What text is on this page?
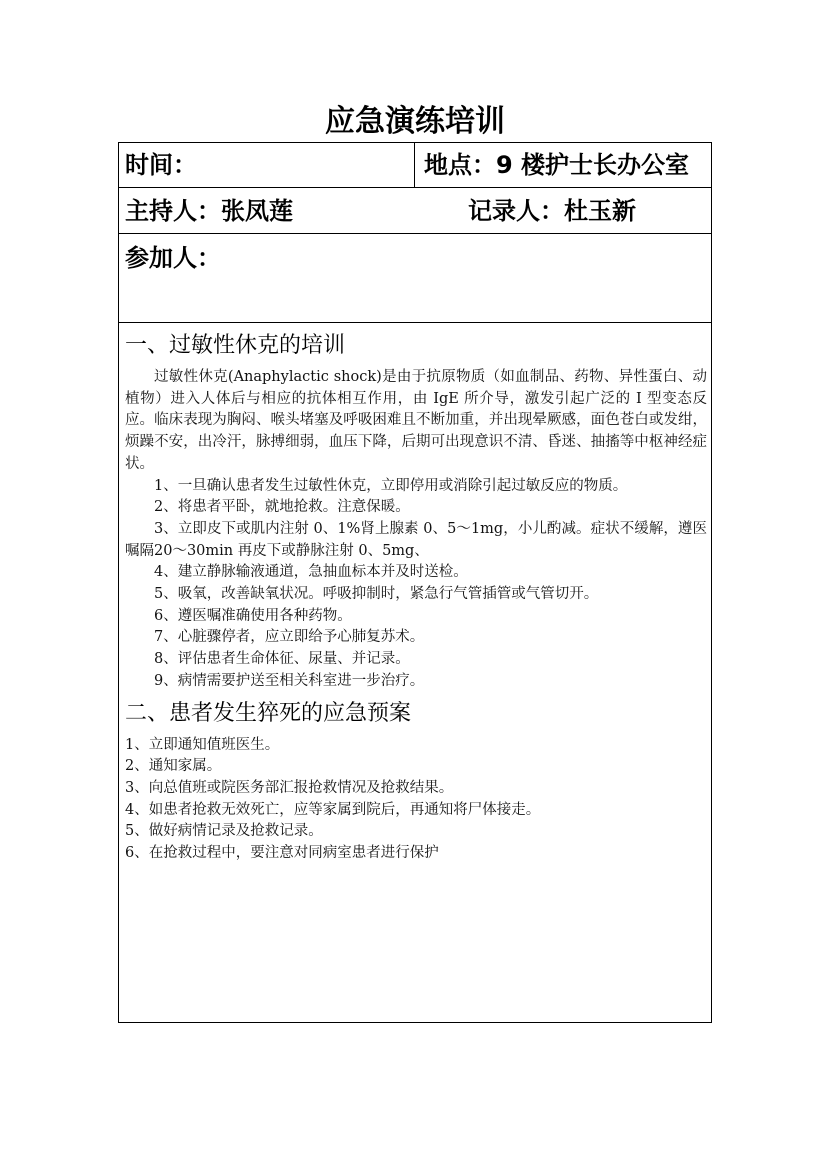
应急演练培训
时间：	地点：9 楼护士长办公室
主持人：张凤莲	记录人：杜玉新
参加人：
一、过敏性休克的培训

过敏性休克(Anaphylactic shock)是由于抗原物质（如血制品、药物、异性蛋白、动植物）进入人体后与相应的抗体相互作用，由 IgE 所介导，激发引起广泛的 I 型变态反应。临床表现为胸闷、喉头堵塞及呼吸困难且不断加重，并出现晕厥感，面色苍白或发绀，烦躁不安，出冷汗，脉搏细弱，血压下降，后期可出现意识不清、昏迷、抽搐等中枢神经症状。

1、一旦确认患者发生过敏性休克，立即停用或消除引起过敏反应的物质。

2、将患者平卧，就地抢救。注意保暖。

3、立即皮下或肌内注射 0、1%肾上腺素 0、5～1mg，小儿酌减。症状不缓解，遵医嘱隔20～30min 再皮下或静脉注射 0、5mg、

4、建立静脉输液通道，急抽血标本并及时送检。

5、吸氧，改善缺氧状况。呼吸抑制时，紧急行气管插管或气管切开。

6、遵医嘱准确使用各种药物。

7、心脏骤停者，应立即给予心肺复苏术。

8、评估患者生命体征、尿量、并记录。

9、病情需要护送至相关科室进一步治疗。

二、患者发生猝死的应急预案

1、立即通知值班医生。

2、通知家属。

3、向总值班或院医务部汇报抢救情况及抢救结果。

4、如患者抢救无效死亡，应等家属到院后，再通知将尸体接走。

5、做好病情记录及抢救记录。

6、在抢救过程中，要注意对同病室患者进行保护
